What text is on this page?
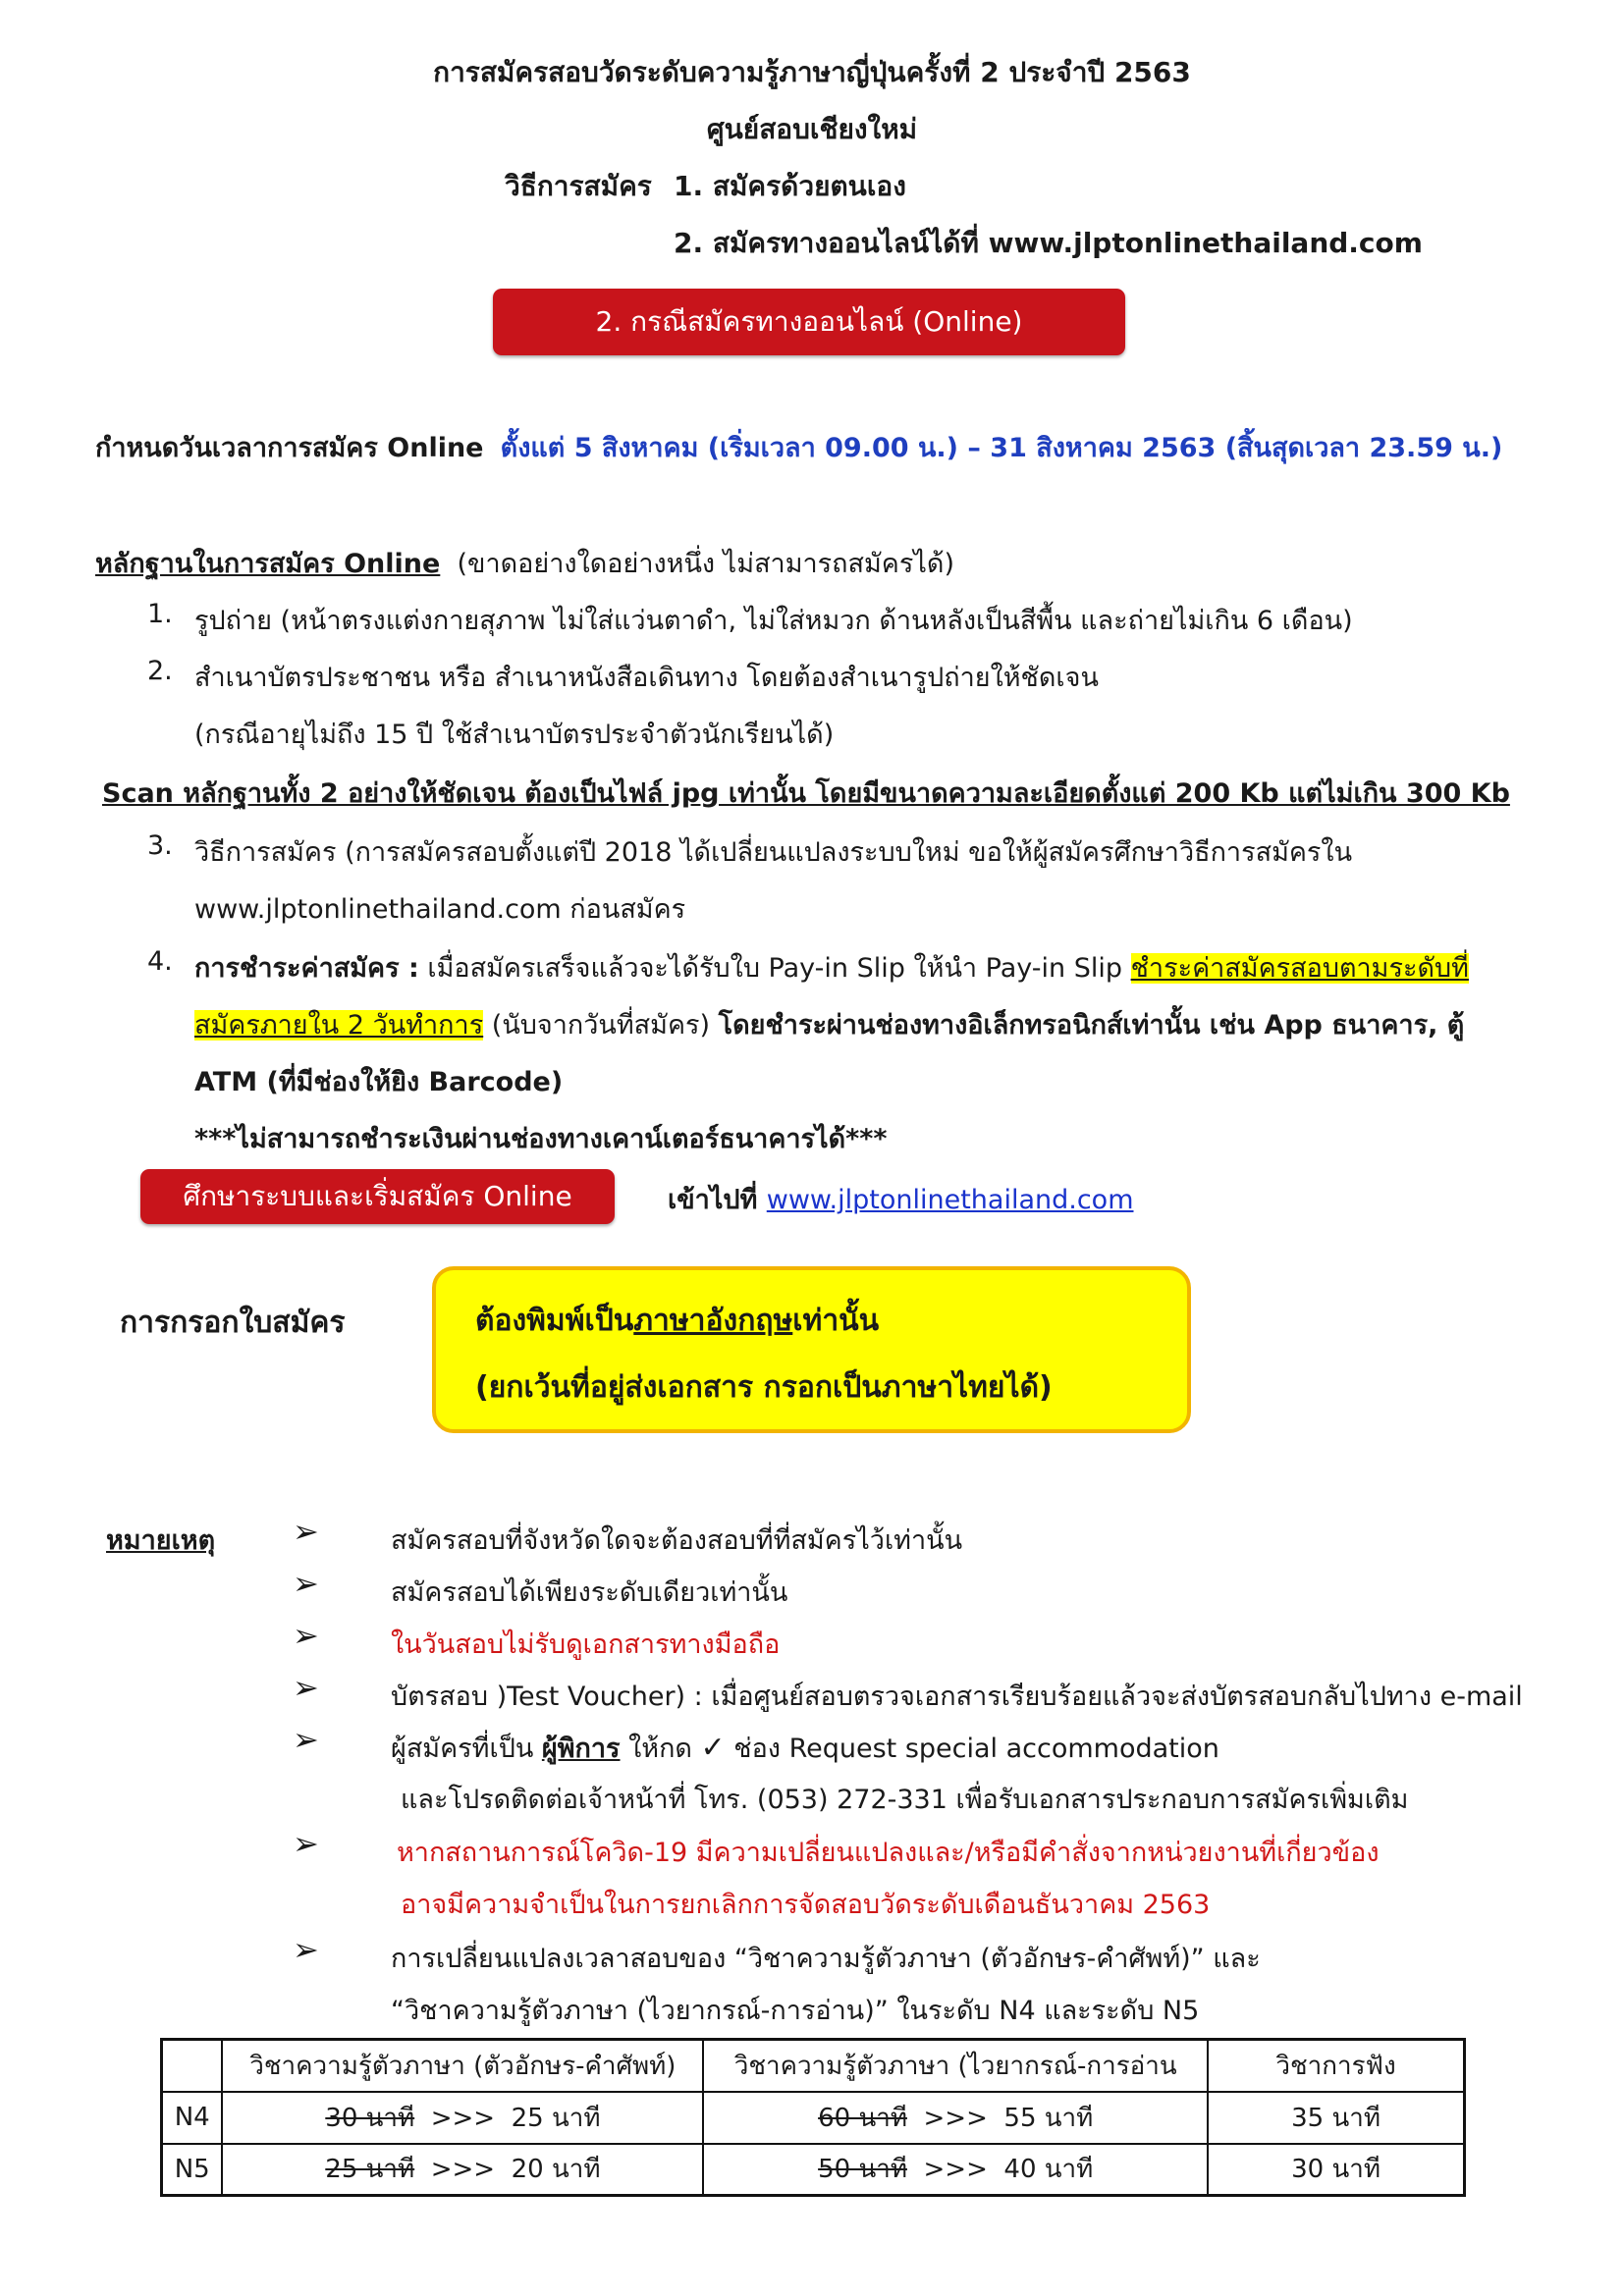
การสมัครสอบวัดระดับความรู้ภาษาญี่ปุ่นครั้งที่ 2 ประจำปี 2563
ศูนย์สอบเชียงใหม่
วิธีการสมัคร 1. สมัครด้วยตนเอง
2. สมัครทางออนไลน์ได้ที่ www.jlptonlinethailand.com
2. กรณีสมัครทางออนไลน์ (Online)
กำหนดวันเวลาการสมัคร Online ตั้งแต่ 5 สิงหาคม (เริ่มเวลา 09.00 น.) – 31 สิงหาคม 2563 (สิ้นสุดเวลา 23.59 น.)
หลักฐานในการสมัคร Online (ขาดอย่างใดอย่างหนึ่ง ไม่สามารถสมัครได้)
1. รูปถ่าย (หน้าตรงแต่งกายสุภาพ ไม่ใส่แว่นตาดำ, ไม่ใส่หมวก ด้านหลังเป็นสีพื้น และถ่ายไม่เกิน 6 เดือน)
2. สำเนาบัตรประชาชน หรือ สำเนาหนังสือเดินทาง โดยต้องสำเนารูปถ่ายให้ชัดเจน
(กรณีอายุไม่ถึง 15 ปี ใช้สำเนาบัตรประจำตัวนักเรียนได้)
Scan หลักฐานทั้ง 2 อย่างให้ชัดเจน ต้องเป็นไฟล์ jpg เท่านั้น โดยมีขนาดความละเอียดตั้งแต่ 200 Kb แต่ไม่เกิน 300 Kb
3. วิธีการสมัคร (การสมัครสอบตั้งแต่ปี 2018 ได้เปลี่ยนแปลงระบบใหม่ ขอให้ผู้สมัครศึกษาวิธีการสมัครใน
www.jlptonlinethailand.com ก่อนสมัคร
4. การชำระค่าสมัคร : เมื่อสมัครเสร็จแล้วจะได้รับใบ Pay-in Slip ให้นำ Pay-in Slip ชำระค่าสมัครสอบตามระดับที่
สมัครภายใน 2 วันทำการ (นับจากวันที่สมัคร) โดยชำระผ่านช่องทางอิเล็กทรอนิกส์เท่านั้น เช่น App ธนาคาร, ตู้
ATM (ที่มีช่องให้ยิง Barcode)
***ไม่สามารถชำระเงินผ่านช่องทางเคาน์เตอร์ธนาคารได้***
ศึกษาระบบและเริ่มสมัคร Online	เข้าไปที่ www.jlptonlinethailand.com
การกรอกใบสมัคร	ต้องพิมพ์เป็นภาษาอังกฤษเท่านั้น
(ยกเว้นที่อยู่ส่งเอกสาร กรอกเป็นภาษาไทยได้)
หมายเหตุ ➢	สมัครสอบที่จังหวัดใดจะต้องสอบที่ที่สมัครไว้เท่านั้น
➢	สมัครสอบได้เพียงระดับเดียวเท่านั้น
➢	ในวันสอบไม่รับดูเอกสารทางมือถือ
➢	บัตรสอบ )Test Voucher) : เมื่อศูนย์สอบตรวจเอกสารเรียบร้อยแล้วจะส่งบัตรสอบกลับไปทาง e-mail
➢	ผู้สมัครที่เป็น ผู้พิการ ให้กด ✓ ช่อง Request special accommodation
และโปรดติดต่อเจ้าหน้าที่ โทร. (053) 272-331 เพื่อรับเอกสารประกอบการสมัครเพิ่มเติม
➢	หากสถานการณ์โควิด-19 มีความเปลี่ยนแปลงและ/หรือมีคำสั่งจากหน่วยงานที่เกี่ยวข้อง
อาจมีความจำเป็นในการยกเลิกการจัดสอบวัดระดับเดือนธันวาคม 2563
➢	การเปลี่ยนแปลงเวลาสอบของ “วิชาความรู้ตัวภาษา (ตัวอักษร-คำศัพท์)” และ
“วิชาความรู้ตัวภาษา (ไวยากรณ์-การอ่าน)” ในระดับ N4 และระดับ N5
	วิชาความรู้ตัวภาษา (ตัวอักษร-คำศัพท์)	วิชาความรู้ตัวภาษา (ไวยากรณ์-การอ่าน	วิชาการฟัง
N4	30 นาที >>> 25 นาที	60 นาที >>> 55 นาที	35 นาที
N5	25 นาที >>> 20 นาที	50 นาที >>> 40 นาที	30 นาที
